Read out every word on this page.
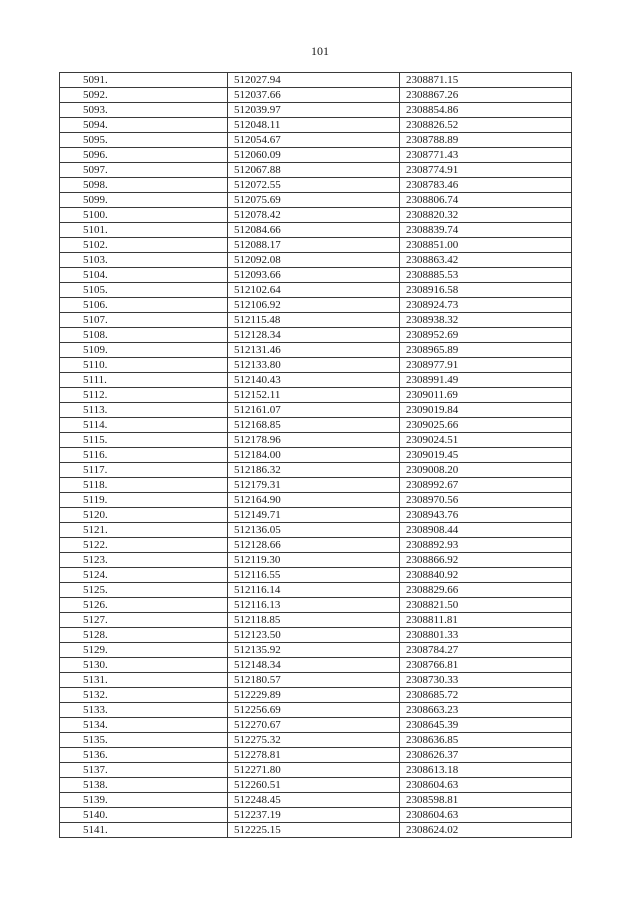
101
5091.	512027.94	2308871.15
5092.	512037.66	2308867.26
5093.	512039.97	2308854.86
5094.	512048.11	2308826.52
5095.	512054.67	2308788.89
5096.	512060.09	2308771.43
5097.	512067.88	2308774.91
5098.	512072.55	2308783.46
5099.	512075.69	2308806.74
5100.	512078.42	2308820.32
5101.	512084.66	2308839.74
5102.	512088.17	2308851.00
5103.	512092.08	2308863.42
5104.	512093.66	2308885.53
5105.	512102.64	2308916.58
5106.	512106.92	2308924.73
5107.	512115.48	2308938.32
5108.	512128.34	2308952.69
5109.	512131.46	2308965.89
5110.	512133.80	2308977.91
5111.	512140.43	2308991.49
5112.	512152.11	2309011.69
5113.	512161.07	2309019.84
5114.	512168.85	2309025.66
5115.	512178.96	2309024.51
5116.	512184.00	2309019.45
5117.	512186.32	2309008.20
5118.	512179.31	2308992.67
5119.	512164.90	2308970.56
5120.	512149.71	2308943.76
5121.	512136.05	2308908.44
5122.	512128.66	2308892.93
5123.	512119.30	2308866.92
5124.	512116.55	2308840.92
5125.	512116.14	2308829.66
5126.	512116.13	2308821.50
5127.	512118.85	2308811.81
5128.	512123.50	2308801.33
5129.	512135.92	2308784.27
5130.	512148.34	2308766.81
5131.	512180.57	2308730.33
5132.	512229.89	2308685.72
5133.	512256.69	2308663.23
5134.	512270.67	2308645.39
5135.	512275.32	2308636.85
5136.	512278.81	2308626.37
5137.	512271.80	2308613.18
5138.	512260.51	2308604.63
5139.	512248.45	2308598.81
5140.	512237.19	2308604.63
5141.	512225.15	2308624.02
